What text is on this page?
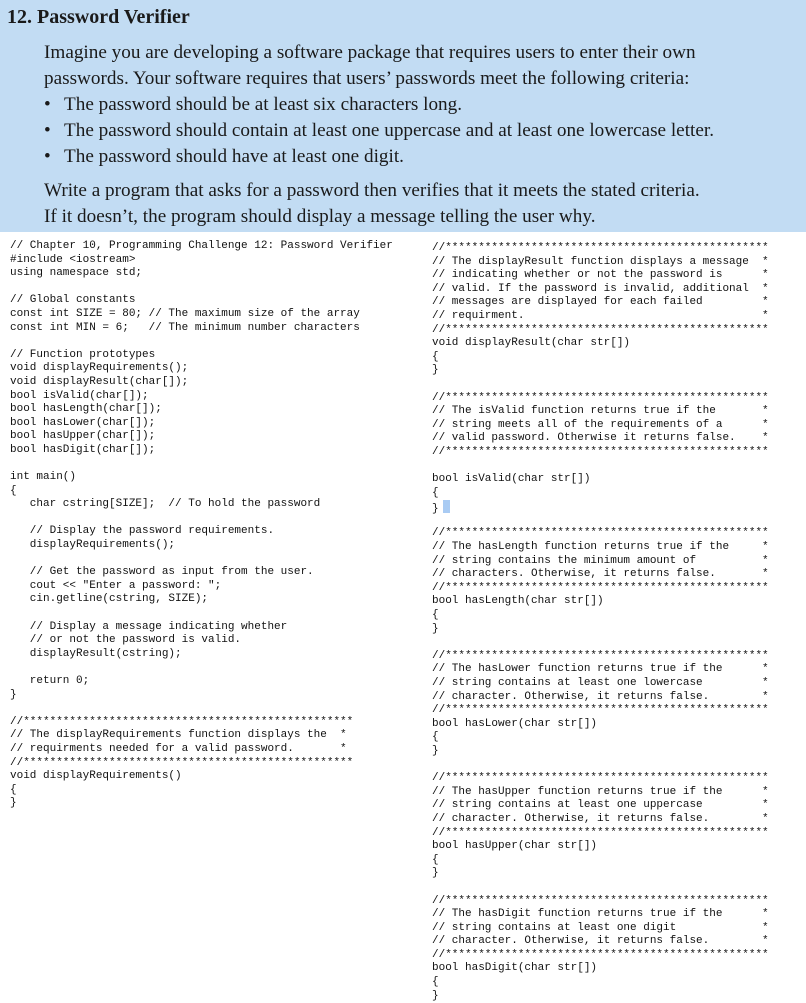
12. Password Verifier

Imagine you are developing a software package that requires users to enter their own

passwords. Your software requires that users’ passwords meet the following criteria:

• The password should be at least six characters long.
• The password should contain at least one uppercase and at least one lowercase letter.
• The password should have at least one digit.

Write a program that asks for a password then verifies that it meets the stated criteria.

If it doesn’t, the program should display a message telling the user why.

// Chapter 10, Programming Challenge 12: Password Verifier
#include <iostream>
using namespace std;
// Global constants
const int SIZE = 80; // The maximum size of the array
const int MIN = 6;   // The minimum number characters
// Function prototypes
void displayRequirements();
void displayResult(char[]);
bool isValid(char[]);
bool hasLength(char[]);
bool hasLower(char[]);
bool hasUpper(char[]);
bool hasDigit(char[]);
int main()
{
char cstring[SIZE];  // To hold the password
// Display the password requirements.
displayRequirements();
// Get the password as input from the user.
cout << "Enter a password: ";
cin.getline(cstring, SIZE);
// Display a message indicating whether
// or not the password is valid.
displayResult(cstring);
return 0;
}
//**************************************************
// The displayRequirements function displays the  *
// requirments needed for a valid password.       *
//**************************************************
void displayRequirements()
{
}
//*************************************************
// The displayResult function displays a message  *
// indicating whether or not the password is      *
// valid. If the password is invalid, additional  *
// messages are displayed for each failed         *
// requirment.                                    *
//*************************************************
void displayResult(char str[])
{
}
//*************************************************
// The isValid function returns true if the       *
// string meets all of the requirements of a      *
// valid password. Otherwise it returns false.    *
//*************************************************
bool isValid(char str[])
{
}
//*************************************************
// The hasLength function returns true if the     *
// string contains the minimum amount of          *
// characters. Otherwise, it returns false.       *
//*************************************************
bool hasLength(char str[])
{
}
//*************************************************
// The hasLower function returns true if the      *
// string contains at least one lowercase         *
// character. Otherwise, it returns false.        *
//*************************************************
bool hasLower(char str[])
{
}
//*************************************************
// The hasUpper function returns true if the      *
// string contains at least one uppercase         *
// character. Otherwise, it returns false.        *
//*************************************************
bool hasUpper(char str[])
{
}
//*************************************************
// The hasDigit function returns true if the      *
// string contains at least one digit             *
// character. Otherwise, it returns false.        *
//*************************************************
bool hasDigit(char str[])
{
}
